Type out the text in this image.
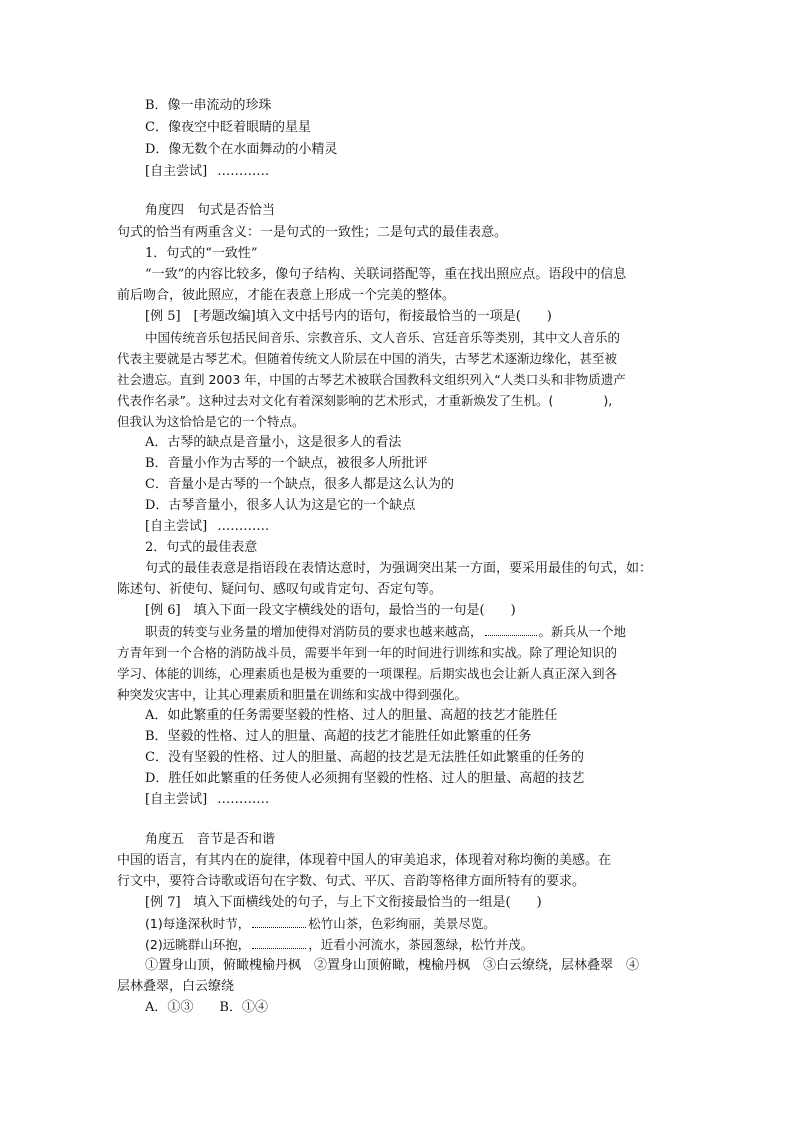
B．像一串流动的珍珠
C．像夜空中眨着眼睛的星星
D．像无数个在水面舞动的小精灵
[自主尝试] …………
角度四　句式是否恰当
句式的恰当有两重含义：一是句式的一致性；二是句式的最佳表意。
1．句式的“一致性”
“一致”的内容比较多，像句子结构、关联词搭配等，重在找出照应点。语段中的信息
前后吻合，彼此照应，才能在表意上形成一个完美的整体。
[例 5]　[考题改编]填入文中括号内的语句，衔接最恰当的一项是(　　)
中国传统音乐包括民间音乐、宗教音乐、文人音乐、宫廷音乐等类别，其中文人音乐的
代表主要就是古琴艺术。但随着传统文人阶层在中国的消失，古琴艺术逐渐边缘化，甚至被
社会遗忘。直到 2003 年，中国的古琴艺术被联合国教科文组织列入“人类口头和非物质遗产
代表作名录”。这种过去对文化有着深刻影响的艺术形式，才重新焕发了生机。(　　　　),
但我认为这恰恰是它的一个特点。
A．古琴的缺点是音量小，这是很多人的看法
B．音量小作为古琴的一个缺点，被很多人所批评
C．音量小是古琴的一个缺点，很多人都是这么认为的
D．古琴音量小，很多人认为这是它的一个缺点
[自主尝试] …………
2．句式的最佳表意
句式的最佳表意是指语段在表情达意时，为强调突出某一方面，要采用最佳的句式，如：
陈述句、祈使句、疑问句、感叹句或肯定句、否定句等。
[例 6]　填入下面一段文字横线处的语句，最恰当的一句是(　　)
职责的转变与业务量的增加使得对消防员的要求也越来越高，	。新兵从一个地
方青年到一个合格的消防战斗员，需要半年到一年的时间进行训练和实战。除了理论知识的
学习、体能的训练，心理素质也是极为重要的一项课程。后期实战也会让新人真正深入到各
种突发灾害中，让其心理素质和胆量在训练和实战中得到强化。
A．如此繁重的任务需要坚毅的性格、过人的胆量、高超的技艺才能胜任
B．坚毅的性格、过人的胆量、高超的技艺才能胜任如此繁重的任务
C．没有坚毅的性格、过人的胆量、高超的技艺是无法胜任如此繁重的任务的
D．胜任如此繁重的任务使人必须拥有坚毅的性格、过人的胆量、高超的技艺
[自主尝试] …………
角度五　音节是否和谐
中国的语言，有其内在的旋律，体现着中国人的审美追求，体现着对称均衡的美感。在
行文中，要符合诗歌或语句在字数、句式、平仄、音韵等格律方面所特有的要求。
[例 7]　填入下面横线处的句子，与上下文衔接最恰当的一组是(　　)
(1)每逢深秋时节，	松竹山茶，色彩绚丽，美景尽览。
(2)远眺群山环抱，	，近看小河流水，茶园葱绿，松竹并茂。
①置身山顶，俯瞰槐榆丹枫　②置身山顶俯瞰，槐榆丹枫　③白云缭绕，层林叠翠　④
层林叠翠，白云缭绕
A．①③　　B．①④
